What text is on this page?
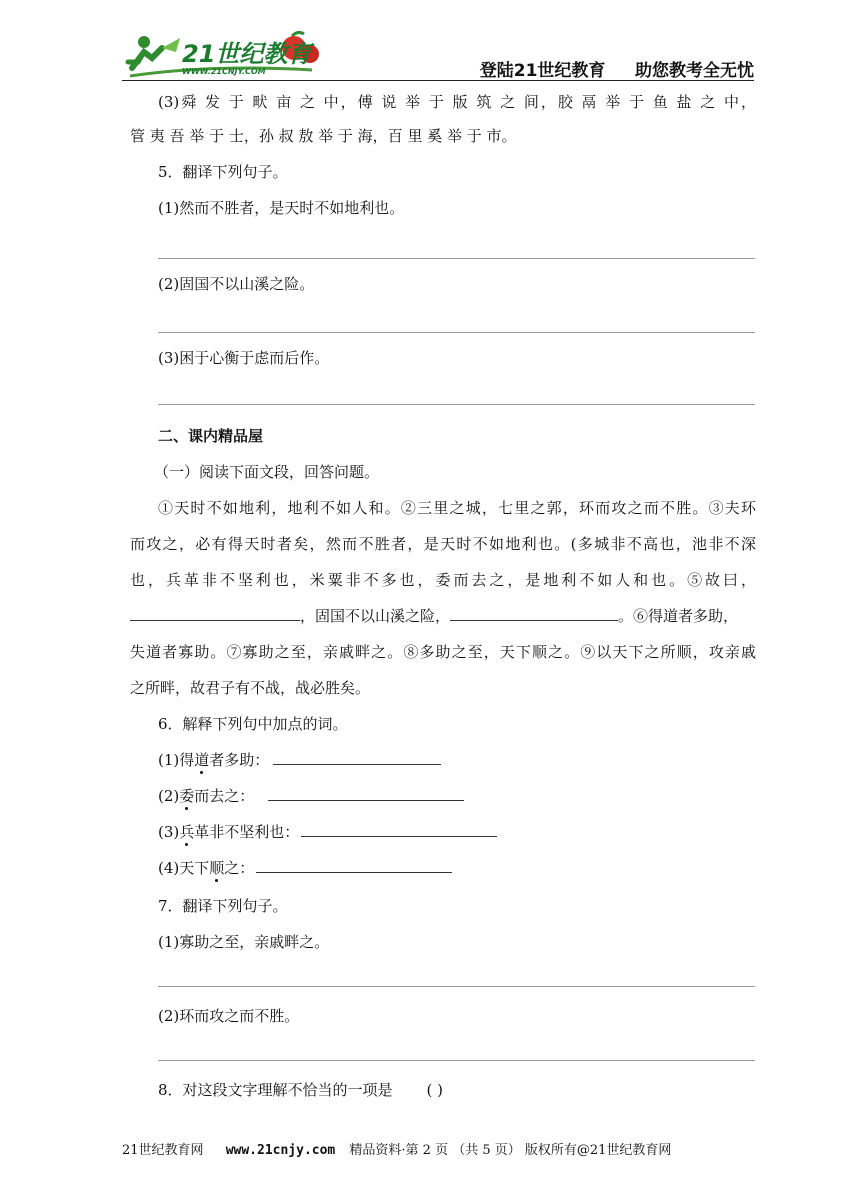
21世纪教育
WWW.21CNJY.COM	登陆21世纪教育     助您教考全无忧
(3)舜 发 于 畎 亩 之 中，傅 说 举 于 版 筑 之 间，胶 鬲 举 于 鱼 盐 之 中，
管 夷 吾 举 于 士，孙 叔 敖 举 于 海，百 里 奚 举 于 市。
5．翻译下列句子。
(1)然而不胜者，是天时不如地利也。
(2)固国不以山溪之险。
(3)困于心衡于虑而后作。
二、课内精品屋
（一）阅读下面文段，回答问题。
①天时不如地利，地利不如人和。②三里之城，七里之郭，环而攻之而不胜。③夫环
而攻之，必有得天时者矣，然而不胜者，是天时不如地利也。(多城非不高也，池非不深
也，兵革非不坚利也，米粟非不多也，委而去之，是地利不如人和也。⑤故曰，
，固国不以山溪之险，	。⑥得道者多助，
失道者寡助。⑦寡助之至，亲戚畔之。⑧多助之至，天下顺之。⑨以天下之所顺，攻亲戚
之所畔，故君子有不战，战必胜矣。
6．解释下列句中加点的词。
(1)得道者多助：
(2)委而去之：
(3)兵革非不坚利也：
(4)天下顺之：
7．翻译下列句子。
(1)寡助之至，亲戚畔之。
(2)环而攻之而不胜。
8．对这段文字理解不恰当的一项是 ( )
21世纪教育网 www.21cnjy.com 精品资料·第 2 页 （共 5 页） 版权所有@21世纪教育网
